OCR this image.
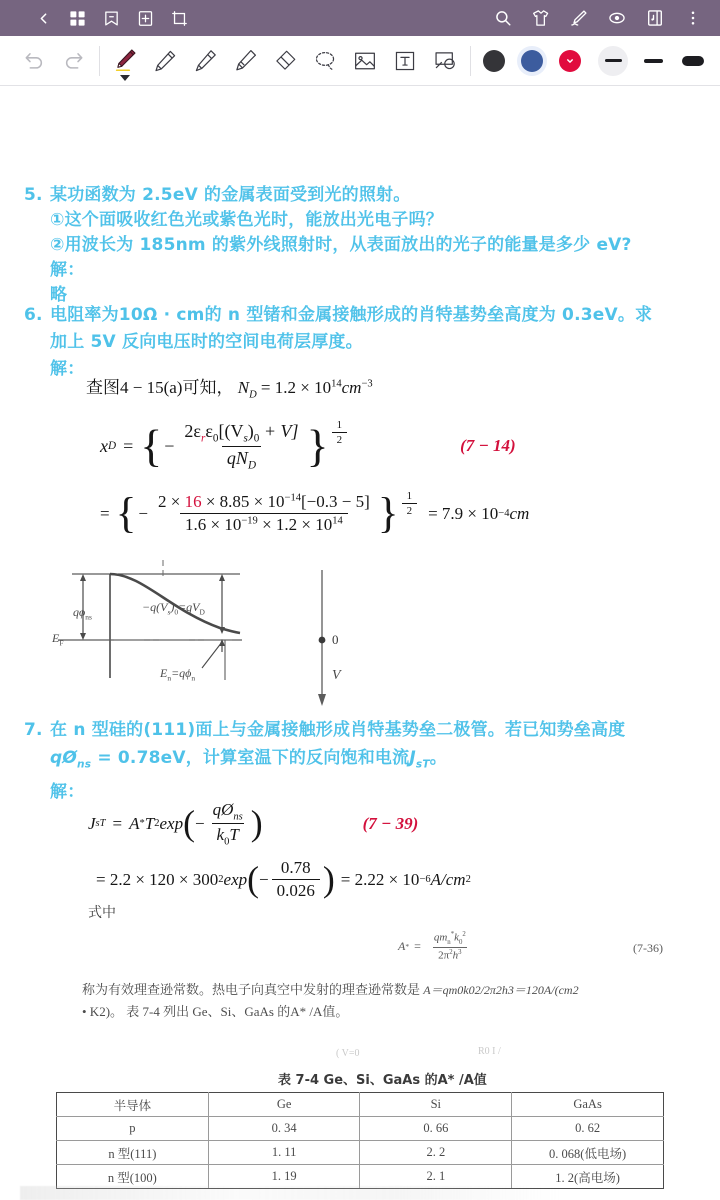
5. 某功函数为 2.5eV 的金属表面受到光的照射。
①这个面吸收红色光或紫色光时，能放出光电子吗？
②用波长为 185nm 的紫外线照射时，从表面放出的光子的能量是多少 eV?
解：
略
6. 电阻率为10Ω · cm的 n 型锗和金属接触形成的肖特基势垒高度为 0.3eV。求
加上 5V 反向电压时的空间电荷层厚度。
解：
查图4 − 15(a)可知， $N_D = 1.2 \times 10^{14}cm^{-3}$
x D = { − $\frac{2\varepsilon_r\varepsilon_0[(V_s)_0 + V]}{qN_D}$ } $\frac{1}{2}$	(7 − 14)
= { − $\frac{2 \times 16 \times 8.85 \times 10^{-14}[-0.3 - 5]}{1.6 \times 10^{-19} \times 1.2 \times 10^{14}}$ } $\frac{1}{2} = 7.9 \times 10 -4$ cm
$q\phi_{ns}$
$E_F$
$-q(V_s)_0=qV_D$
$E_n=q\phi_n$
0
V
7. 在 n 型硅的(111)面上与金属接触形成肖特基势垒二极管。若已知势垒高度
$qØ_{ns} = 0.78eV$，计算室温下的反向饱和电流$J_{sT}$。
解：
J sT = A * T 2 exp ( − $\frac{qØ_{ns}}{k_0T}$ )	(7 − 39)
= 2.2 × 120 × 300 2 exp ( − $\frac{0.78}{0.026}$ ) = 2.22 × 10 −6 A/cm 2
式中
A * = $\frac{qm_n^*k_0^2}{2\pi^2h^3}$	(7-36)
称为有效理查逊常数。热电子向真空中发射的理查逊常数是 A＝qm0k02/2π2h3＝120A/(cm2
• K2)。 表 7-4 列出 Ge、Si、GaAs 的A* /A值。
( V=0	R0 I /
表 7-4 Ge、Si、GaAs 的A* /A值
半导体	Ge	Si	GaAs
p	0. 34	0. 66	0. 62
n 型(111)	1. 11	2. 2	0. 068(低电场)
n 型(100)	1. 19	2. 1	1. 2(高电场)
